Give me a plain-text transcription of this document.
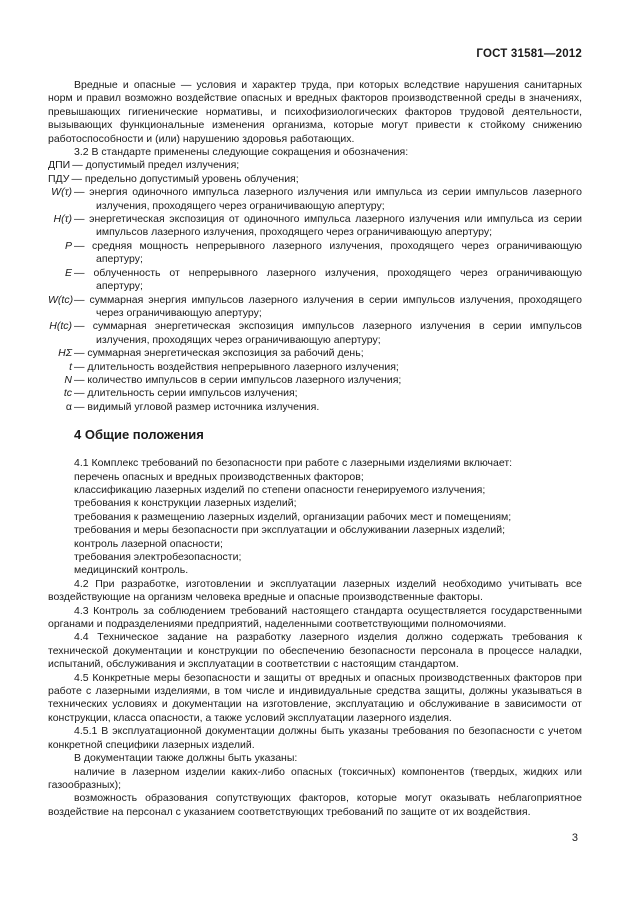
ГОСТ 31581—2012

Вредные и опасные — условия и характер труда, при которых вследствие нарушения санитарных норм и правил возможно воздействие опасных и вредных факторов производственной среды в значениях, превышающих гигиенические нормативы, и психофизиологических факторов трудовой деятельности, вызывающих функциональные изменения организма, которые могут привести к стойкому снижению работоспособности и (или) нарушению здоровья работающих.

3.2 В стандарте применены следующие сокращения и обозначения:

ДПИ — допустимый предел излучения;
ПДУ — предельно допустимый уровень облучения;
W(τ) — энергия одиночного импульса лазерного излучения или импульса из серии импульсов лазерного излучения, проходящего через ограничивающую апертуру;
H(τ) — энергетическая экспозиция от одиночного импульса лазерного излучения или импульса из серии импульсов лазерного излучения, проходящего через ограничивающую апертуру;
P — средняя мощность непрерывного лазерного излучения, проходящего через ограничивающую апертуру;
E — облученность от непрерывного лазерного излучения, проходящего через ограничивающую апертуру;
W(tc) — суммарная энергия импульсов лазерного излучения в серии импульсов излучения, проходящего через ограничивающую апертуру;
H(tc) — суммарная энергетическая экспозиция импульсов лазерного излучения в серии импульсов излучения, проходящих через ограничивающую апертуру;
HΣ — суммарная энергетическая экспозиция за рабочий день;
t — длительность воздействия непрерывного лазерного излучения;
N — количество импульсов в серии импульсов лазерного излучения;
tc — длительность серии импульсов излучения;
α — видимый угловой размер источника излучения.
4 Общие положения

4.1 Комплекс требований по безопасности при работе с лазерными изделиями включает:

перечень опасных и вредных производственных факторов;

классификацию лазерных изделий по степени опасности генерируемого излучения;

требования к конструкции лазерных изделий;

требования к размещению лазерных изделий, организации рабочих мест и помещениям;

требования и меры безопасности при эксплуатации и обслуживании лазерных изделий;

контроль лазерной опасности;

требования электробезопасности;

медицинский контроль.

4.2 При разработке, изготовлении и эксплуатации лазерных изделий необходимо учитывать все воздействующие на организм человека вредные и опасные производственные факторы.

4.3 Контроль за соблюдением требований настоящего стандарта осуществляется государственными органами и подразделениями предприятий, наделенными соответствующими полномочиями.

4.4 Техническое задание на разработку лазерного изделия должно содержать требования к технической документации и конструкции по обеспечению безопасности персонала в процессе наладки, испытаний, обслуживания и эксплуатации в соответствии с настоящим стандартом.

4.5 Конкретные меры безопасности и защиты от вредных и опасных производственных факторов при работе с лазерными изделиями, в том числе и индивидуальные средства защиты, должны указываться в технических условиях и документации на изготовление, эксплуатацию и обслуживание в зависимости от конструкции, класса опасности, а также условий эксплуатации лазерного изделия.

4.5.1 В эксплуатационной документации должны быть указаны требования по безопасности с учетом конкретной специфики лазерных изделий.

В документации также должны быть указаны:

наличие в лазерном изделии каких-либо опасных (токсичных) компонентов (твердых, жидких или газообразных);

возможность образования сопутствующих факторов, которые могут оказывать неблагоприятное воздействие на персонал с указанием соответствующих требований по защите от их воздействия.

3
